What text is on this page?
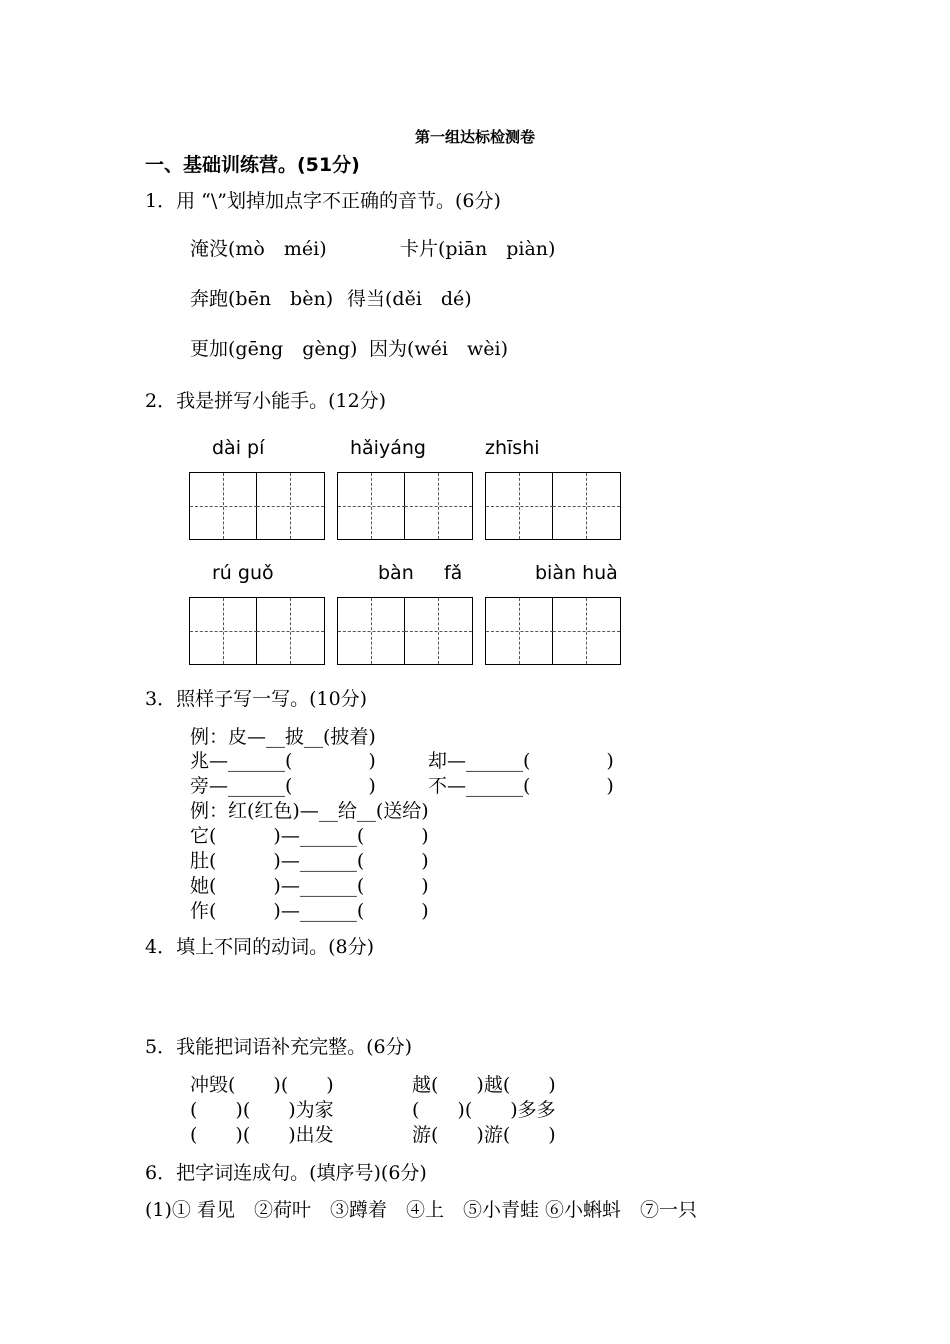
第一组达标检测卷
一、基础训练营。(51分)
1．用 “\”划掉加点字不正确的音节。(6分)
淹没(mò　méi)	卡片(piān　piàn)
奔跑(bēn　bèn) 得当(děi　dé)
更加(gēng　gèng) 因为(wéi　wèi)
2．我是拼写小能手。(12分)
dài pí	hǎiyáng	zhīshi
rú guǒ	bàn     fǎ	biàn huà
3．照样子写一写。(10分)
例：皮—__披__(披着)
兆—______(　　　　)	却—______(　　　　)
旁—______(　　　　)	不—______(　　　　)
例：红(红色)—__给__(送给)
它(　　　)—______(　　　)
肚(　　　)—______(　　　)
她(　　　)—______(　　　)
作(　　　)—______(　　　)
4．填上不同的动词。(8分)
5．我能把词语补充完整。(6分)
冲毁(　　)(　　)	越(　　)越(　　)
(　　)(　　)为家	(　　)(　　)多多
(　　)(　　)出发	游(　　)游(　　)
6．把字词连成句。(填序号)(6分)
(1)① 看见　②荷叶　③蹲着　④上　⑤小青蛙 ⑥小蝌蚪　⑦一只
